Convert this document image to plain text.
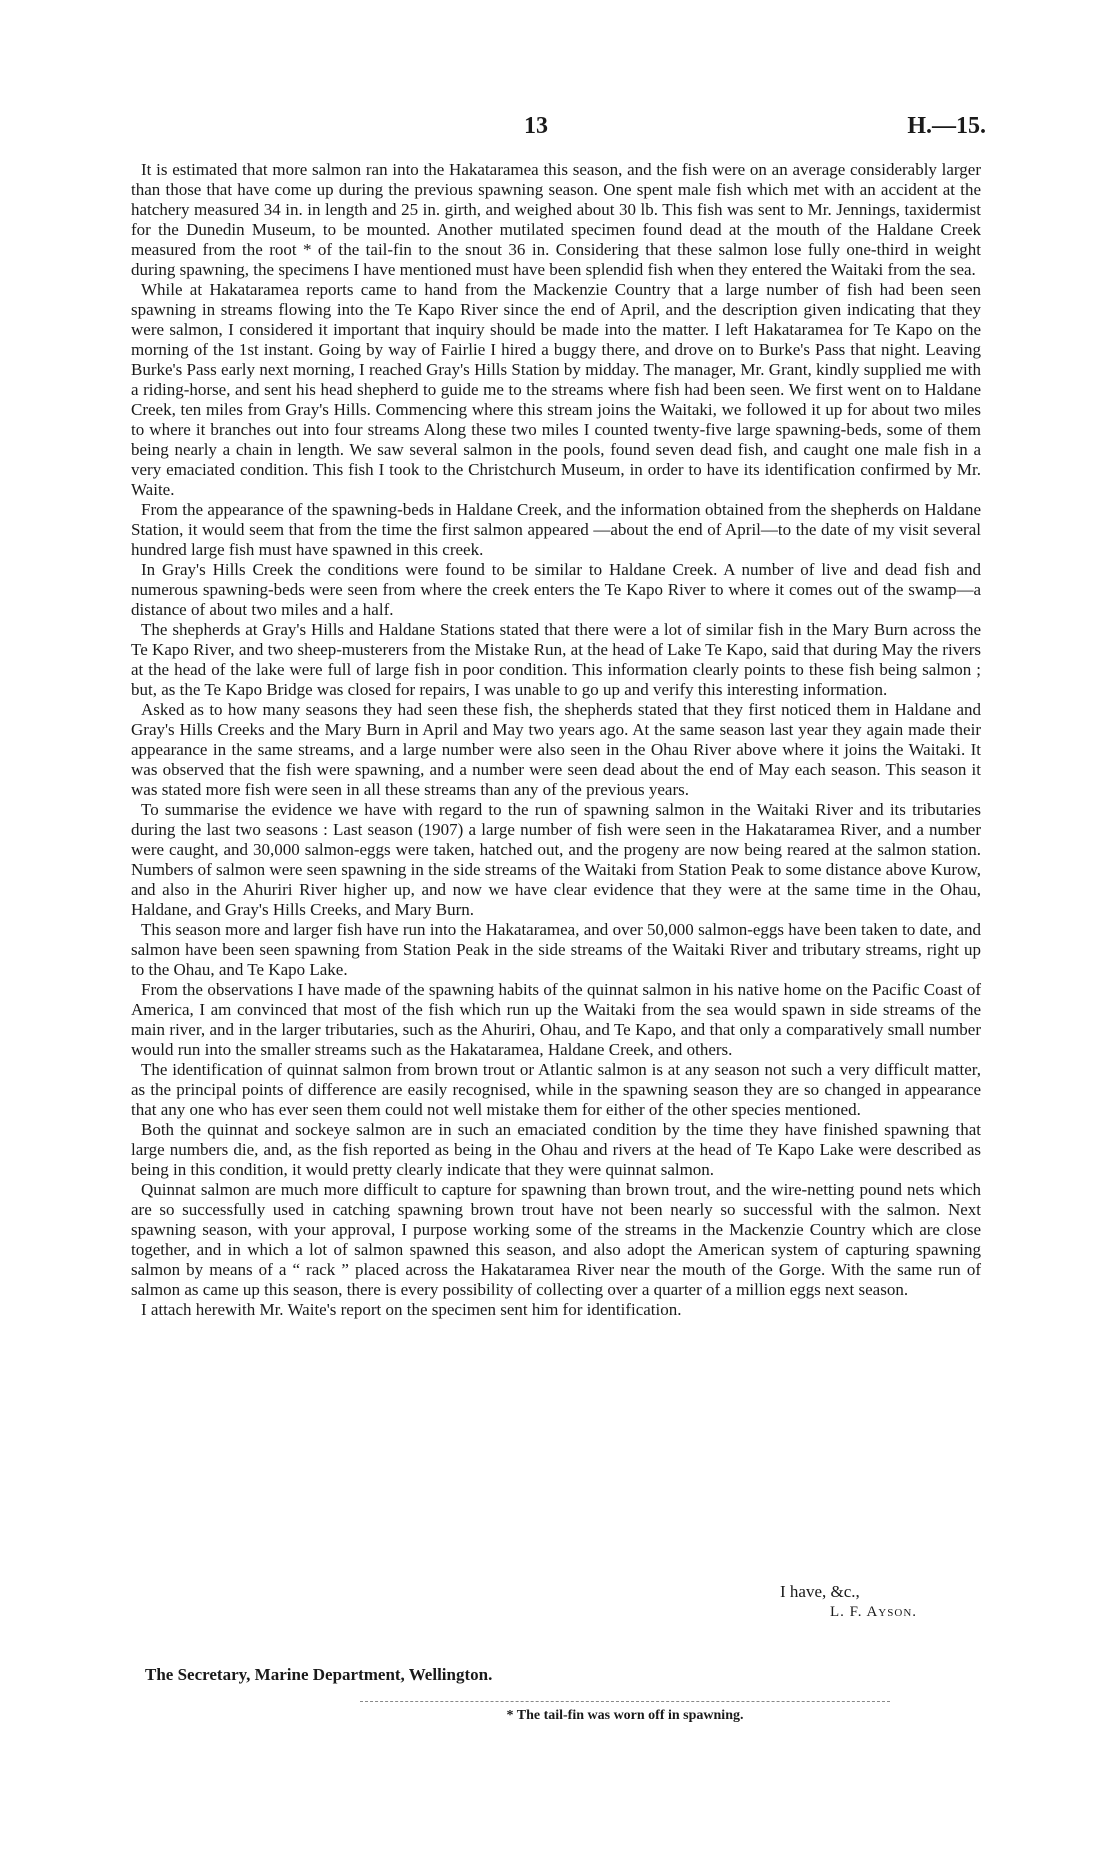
13	H.—15.

It is estimated that more salmon ran into the Hakataramea this season, and the fish were on an average considerably larger than those that have come up during the previous spawning season. One spent male fish which met with an accident at the hatchery measured 34 in. in length and 25 in. girth, and weighed about 30 lb. This fish was sent to Mr. Jennings, taxidermist for the Dunedin Museum, to be mounted. Another mutilated specimen found dead at the mouth of the Haldane Creek measured from the root * of the tail-fin to the snout 36 in. Considering that these salmon lose fully one-third in weight during spawning, the specimens I have mentioned must have been splendid fish when they entered the Waitaki from the sea.

While at Hakataramea reports came to hand from the Mackenzie Country that a large number of fish had been seen spawning in streams flowing into the Te Kapo River since the end of April, and the description given indicating that they were salmon, I considered it important that inquiry should be made into the matter. I left Hakataramea for Te Kapo on the morning of the 1st instant. Going by way of Fairlie I hired a buggy there, and drove on to Burke's Pass that night. Leaving Burke's Pass early next morning, I reached Gray's Hills Station by midday. The manager, Mr. Grant, kindly supplied me with a riding-horse, and sent his head shepherd to guide me to the streams where fish had been seen. We first went on to Haldane Creek, ten miles from Gray's Hills. Commencing where this stream joins the Waitaki, we followed it up for about two miles to where it branches out into four streams Along these two miles I counted twenty-five large spawning-beds, some of them being nearly a chain in length. We saw several salmon in the pools, found seven dead fish, and caught one male fish in a very emaciated condition. This fish I took to the Christchurch Museum, in order to have its identification confirmed by Mr. Waite.

From the appearance of the spawning-beds in Haldane Creek, and the information obtained from the shepherds on Haldane Station, it would seem that from the time the first salmon appeared —about the end of April—to the date of my visit several hundred large fish must have spawned in this creek.

In Gray's Hills Creek the conditions were found to be similar to Haldane Creek. A number of live and dead fish and numerous spawning-beds were seen from where the creek enters the Te Kapo River to where it comes out of the swamp—a distance of about two miles and a half.

The shepherds at Gray's Hills and Haldane Stations stated that there were a lot of similar fish in the Mary Burn across the Te Kapo River, and two sheep-musterers from the Mistake Run, at the head of Lake Te Kapo, said that during May the rivers at the head of the lake were full of large fish in poor condition. This information clearly points to these fish being salmon ; but, as the Te Kapo Bridge was closed for repairs, I was unable to go up and verify this interesting information.

Asked as to how many seasons they had seen these fish, the shepherds stated that they first noticed them in Haldane and Gray's Hills Creeks and the Mary Burn in April and May two years ago. At the same season last year they again made their appearance in the same streams, and a large number were also seen in the Ohau River above where it joins the Waitaki. It was observed that the fish were spawning, and a number were seen dead about the end of May each season. This season it was stated more fish were seen in all these streams than any of the previous years.

To summarise the evidence we have with regard to the run of spawning salmon in the Waitaki River and its tributaries during the last two seasons : Last season (1907) a large number of fish were seen in the Hakataramea River, and a number were caught, and 30,000 salmon-eggs were taken, hatched out, and the progeny are now being reared at the salmon station. Numbers of salmon were seen spawning in the side streams of the Waitaki from Station Peak to some distance above Kurow, and also in the Ahuriri River higher up, and now we have clear evidence that they were at the same time in the Ohau, Haldane, and Gray's Hills Creeks, and Mary Burn.

This season more and larger fish have run into the Hakataramea, and over 50,000 salmon-eggs have been taken to date, and salmon have been seen spawning from Station Peak in the side streams of the Waitaki River and tributary streams, right up to the Ohau, and Te Kapo Lake.

From the observations I have made of the spawning habits of the quinnat salmon in his native home on the Pacific Coast of America, I am convinced that most of the fish which run up the Waitaki from the sea would spawn in side streams of the main river, and in the larger tributaries, such as the Ahuriri, Ohau, and Te Kapo, and that only a comparatively small number would run into the smaller streams such as the Hakataramea, Haldane Creek, and others.

The identification of quinnat salmon from brown trout or Atlantic salmon is at any season not such a very difficult matter, as the principal points of difference are easily recognised, while in the spawning season they are so changed in appearance that any one who has ever seen them could not well mistake them for either of the other species mentioned.

Both the quinnat and sockeye salmon are in such an emaciated condition by the time they have finished spawning that large numbers die, and, as the fish reported as being in the Ohau and rivers at the head of Te Kapo Lake were described as being in this condition, it would pretty clearly indicate that they were quinnat salmon.

Quinnat salmon are much more difficult to capture for spawning than brown trout, and the wire-netting pound nets which are so successfully used in catching spawning brown trout have not been nearly so successful with the salmon. Next spawning season, with your approval, I purpose working some of the streams in the Mackenzie Country which are close together, and in which a lot of salmon spawned this season, and also adopt the American system of capturing spawning salmon by means of a “ rack ” placed across the Hakataramea River near the mouth of the Gorge. With the same run of salmon as came up this season, there is every possibility of collecting over a quarter of a million eggs next season.

I attach herewith Mr. Waite's report on the specimen sent him for identification.

I have, &c.,
L. F. Ayson.
The Secretary, Marine Department, Wellington.
* The tail-fin was worn off in spawning.
